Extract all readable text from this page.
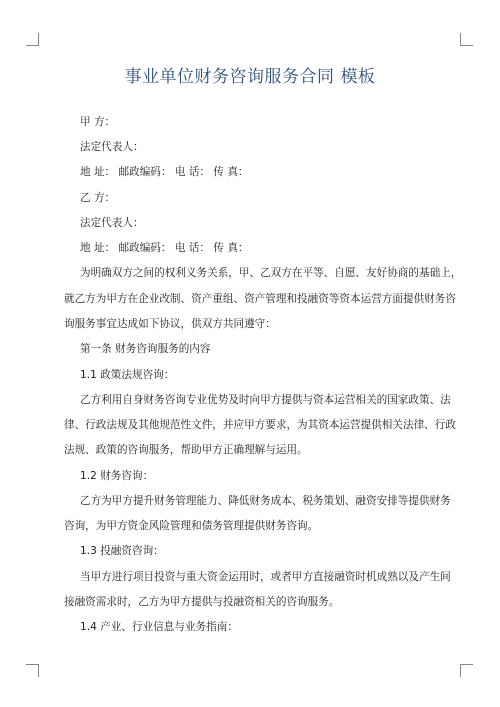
事业单位财务咨询服务合同 模板
甲 方：
法定代表人：
地 址： 邮政编码： 电 话： 传 真：
乙 方：
法定代表人：
地 址： 邮政编码： 电 话： 传 真：
为明确双方之间的权利义务关系，甲、乙双方在平等、自愿、友好协商的基础上，
就乙方为甲方在企业改制、资产重组、资产管理和投融资等资本运营方面提供财务咨
询服务事宜达成如下协议，供双方共同遵守：
第一条 财务咨询服务的内容
1.1 政策法规咨询：
乙方利用自身财务咨询专业优势及时向甲方提供与资本运营相关的国家政策、法
律、行政法规及其他规范性文件，并应甲方要求，为其资本运营提供相关法律、行政
法规、政策的咨询服务，帮助甲方正确理解与运用。
1.2 财务咨询：
乙方为甲方提升财务管理能力、降低财务成本、税务策划、融资安排等提供财务
咨询，为甲方资金风险管理和债务管理提供财务咨询。
1.3 投融资咨询：
当甲方进行项目投资与重大资金运用时，或者甲方直接融资时机成熟以及产生间
接融资需求时，乙方为甲方提供与投融资相关的咨询服务。
1.4 产业、行业信息与业务指南：
